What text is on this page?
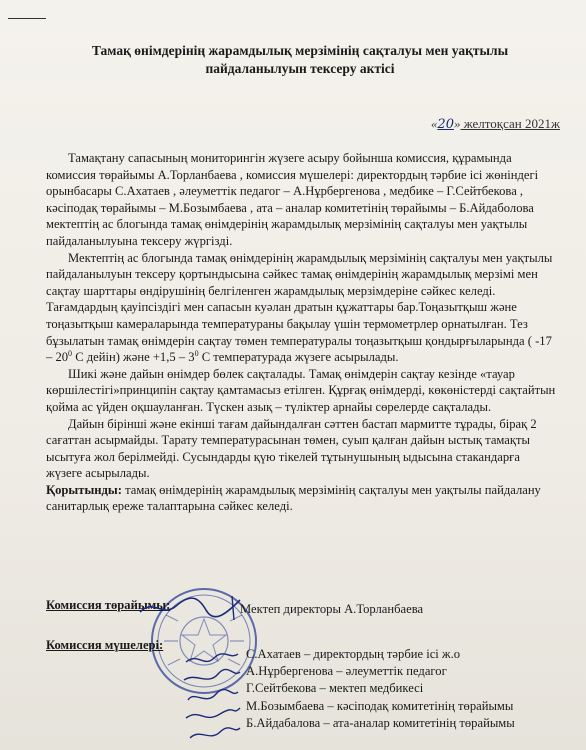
Тамақ өнімдерінің жарамдылық мерзімінің сақталуы мен уақтылы
пайдаланылуын тексеру актісі
«20» желтоқсан 2021ж

Тамақтану сапасының мониторингін жүзеге асыру бойынша комиссия, құрамында комиссия төрайымы А.Торланбаева , комиссия мүшелері: директордың тәрбие ісі жөніндегі орынбасары С.Ахатаев , әлеуметтік педагог – А.Нұрбергенова , медбике – Г.Сейтбекова , кәсіподақ төрайымы – М.Бозымбаева , ата – аналар комитетінің төрайымы – Б.Айдаболова мектептің ас блогында тамақ өнімдерінің жарамдылық мерзімінің сақталуы мен уақтылы пайдаланылуына тексеру жүргізді.

Мектептің ас блогында тамақ өнімдерінің жарамдылық мерзімінің сақталуы мен уақтылы пайдаланылуын тексеру қортындысына сәйкес тамақ өнімдерінің жарамдылық мерзімі мен сақтау шарттары өндірушінің белгіленген жарамдылық мерзімдеріне сәйкес келеді. Тағамдардың қауіпсіздігі мен сапасын куәлан дратын құжаттары бар.Тоңазытқыш және тоңазытқыш камераларында температураны бақылау үшін термометрлер орнатылған. Тез бұзылатын тамақ өнімдерін сақтау төмен температуралы тоңазытқыш қондырғыларында ( $-17 - 20^0$ С дейін) және $+1,5 - 3^0$ С температурада жүзеге асырылады.

Шикі және дайын өнімдер бөлек сақталады. Тамақ өнімдерін сақтау кезінде «тауар көршілестігі»принципін сақтау қамтамасыз етілген. Құрғақ өнімдерді, көкөністерді сақтайтын қойма ас үйден оқшауланған. Түскен азық – түліктер арнайы сөрелерде сақталады.

Дайын бірінші және екінші тағам дайындалған сәттен бастап мармитте тұрады, бірақ 2 сағаттан асырмайды. Тарату температурасынан төмен, суып қалған дайын ыстық тамақты ысытуға жол берілмейді. Сусындарды қүю тікелей тұтынушының ыдысына стакандарға жүзеге асырылады.

Қорытынды: тамақ өнімдерінің жарамдылық мерзімінің сақталуы мен уақтылы пайдалану санитарлық ереже талаптарына сәйкес келеді.

Комиссия төрайымы:	Мектеп директоры А.Торланбаева
Комиссия мүшелері:
С.Ахатаев – директордың тәрбие ісі ж.о
А.Нұрбергенова – әлеуметтік педагог
Г.Сейтбекова – мектеп медбикесі
М.Бозымбаева – кәсіподақ комитетінің төрайымы
Б.Айдабалова – ата-аналар комитетінің төрайымы
